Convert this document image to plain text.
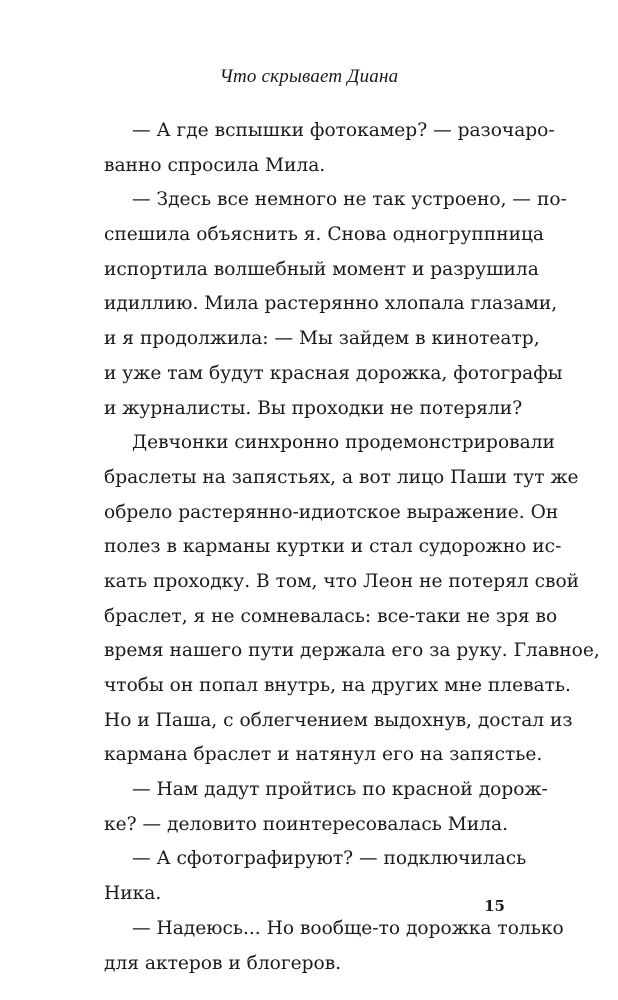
Что скрывает Диана
— А где вспышки фотокамер? — разочаро-
ванно спросила Мила.
— Здесь все немного не так устроено, — по-
спешила объяснить я. Снова одногруппница
испортила волшебный момент и разрушила
идиллию. Мила растерянно хлопала глазами,
и я продолжила: — Мы зайдем в кинотеатр,
и уже там будут красная дорожка, фотографы
и журналисты. Вы проходки не потеряли?
Девчонки синхронно продемонстрировали
браслеты на запястьях, а вот лицо Паши тут же
обрело растерянно-идиотское выражение. Он
полез в карманы куртки и стал судорожно ис-
кать проходку. В том, что Леон не потерял свой
браслет, я не сомневалась: все-таки не зря во
время нашего пути держала его за руку. Главное,
чтобы он попал внутрь, на других мне плевать.
Но и Паша, с облегчением выдохнув, достал из
кармана браслет и натянул его на запястье.
— Нам дадут пройтись по красной дорож-
ке? — деловито поинтересовалась Мила.
— А сфотографируют? — подключилась
Ника.
— Надеюсь... Но вообще-то дорожка только
для актеров и блогеров.
15
